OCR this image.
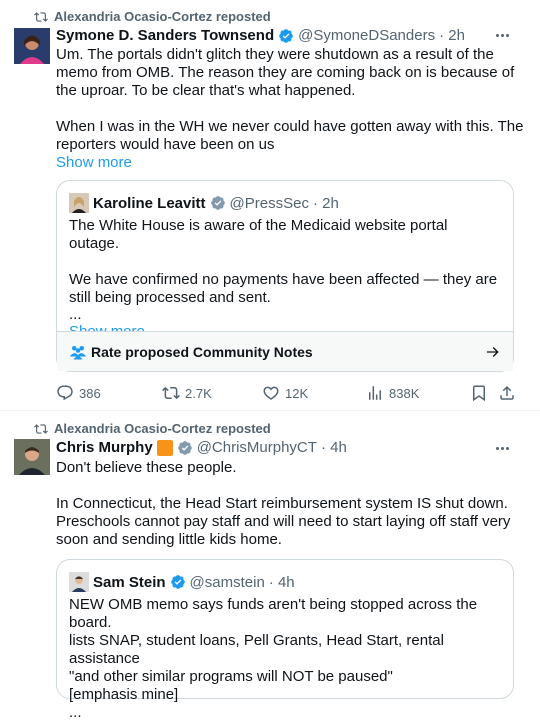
Alexandria Ocasio-Cortez reposted
Symone D. Sanders Townsend @SymoneDSanders · 2h

Um. The portals didn't glitch they were shutdown as a result of the memo from OMB. The reason they are coming back on is because of the uproar. To be clear that's what happened.

When I was in the WH we never could have gotten away with this. The reporters would have been on us

Show more

Karoline Leavitt @PressSec · 2h

The White House is aware of the Medicaid website portal outage.

We have confirmed no payments have been affected — they are still being processed and sent.

...

Rate proposed Community Notes
386	2.7K	12K	838K
Alexandria Ocasio-Cortez reposted
Chris Murphy	@ChrisMurphyCT · 4h

Don't believe these people.

In Connecticut, the Head Start reimbursement system IS shut down. Preschools cannot pay staff and will need to start laying off staff very soon and sending little kids home.

Sam Stein @samstein · 4h

NEW OMB memo says funds aren't being stopped across the board.

lists SNAP, student loans, Pell Grants, Head Start, rental assistance

"and other similar programs will NOT be paused"

[emphasis mine]

...
